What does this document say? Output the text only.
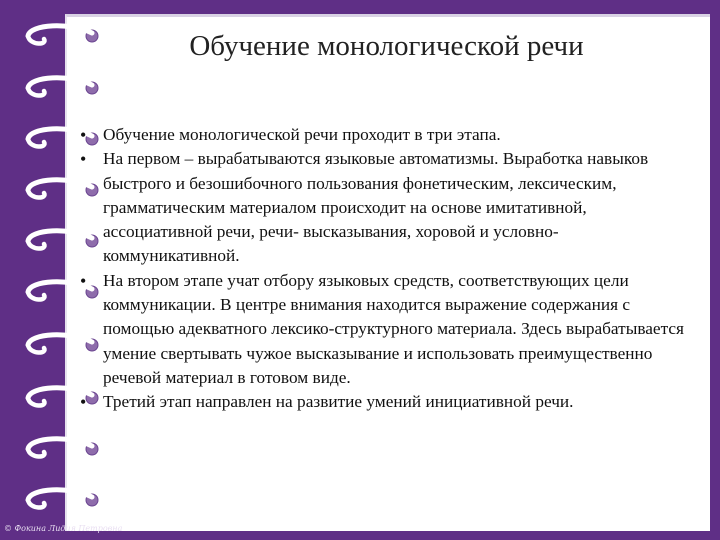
Обучение монологической речи
• Обучение монологической речи проходит в три этапа.
• На первом – вырабатываются языковые автоматизмы. Выработка навыков быстрого и безошибочного пользования фонетическим, лексическим, грамматическим материалом происходит на основе имитативной, ассоциативной речи, речи- высказывания, хоровой и условно-коммуникативной.
• На втором этапе учат отбору языковых средств, соответствующих цели коммуникации. В центре внимания находится выражение содержания с помощью адекватного лексико-структурного материала. Здесь вырабатывается умение свертывать чужое высказывание и использовать преимущественно речевой материал в готовом виде.
• Третий этап направлен на развитие умений инициативной речи.
© Фокина Лидия Петровна
